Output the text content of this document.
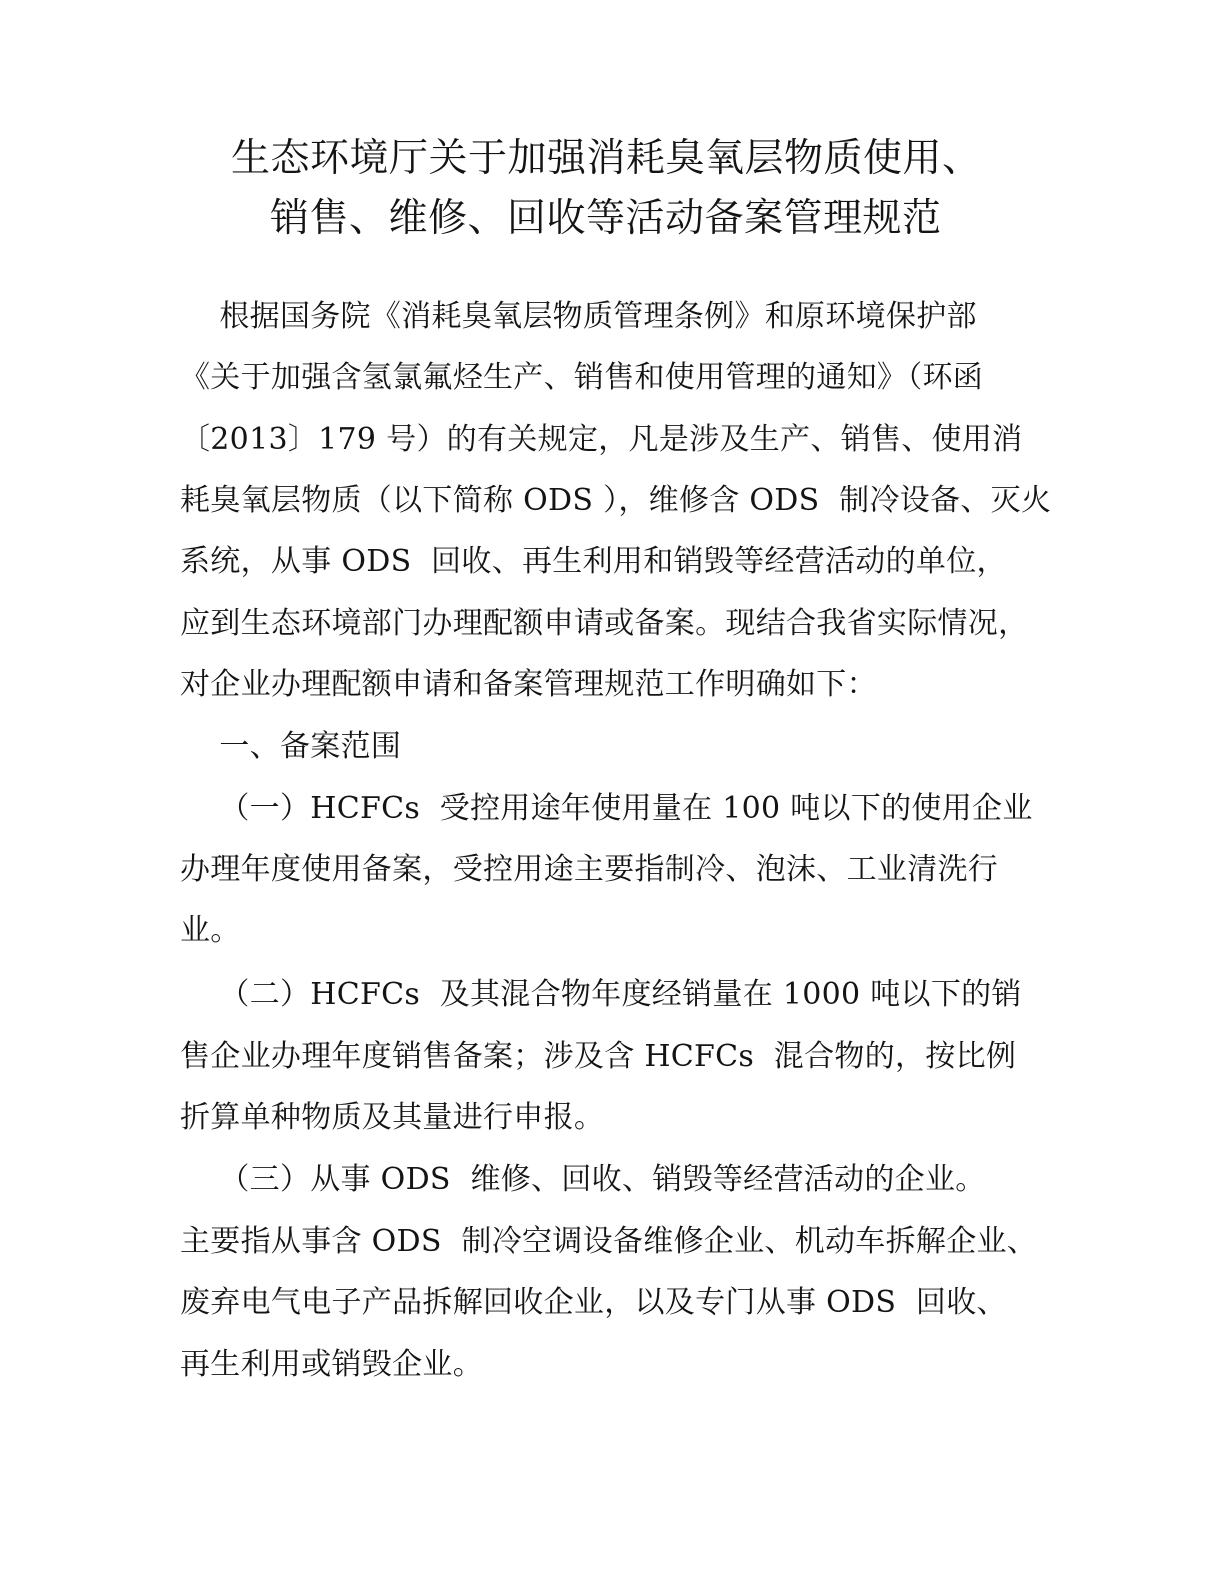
生态环境厅关于加强消耗臭氧层物质使用、
销售、维修、回收等活动备案管理规范
根据国务院《消耗臭氧层物质管理条例》和原环境保护部
《关于加强含氢氯氟烃生产、销售和使用管理的通知》（环函
〔2013〕179 号）的有关规定，凡是涉及生产、销售、使用消
耗臭氧层物质（以下简称 ODS ），维修含 ODS  制冷设备、灭火
系统，从事 ODS  回收、再生利用和销毁等经营活动的单位，
应到生态环境部门办理配额申请或备案。现结合我省实际情况，
对企业办理配额申请和备案管理规范工作明确如下：
一、备案范围
（一）HCFCs  受控用途年使用量在 100 吨以下的使用企业
办理年度使用备案，受控用途主要指制冷、泡沫、工业清洗行
业。
（二）HCFCs  及其混合物年度经销量在 1000 吨以下的销
售企业办理年度销售备案；涉及含 HCFCs  混合物的，按比例
折算单种物质及其量进行申报。
（三）从事 ODS  维修、回收、销毁等经营活动的企业。
主要指从事含 ODS  制冷空调设备维修企业、机动车拆解企业、
废弃电气电子产品拆解回收企业，以及专门从事 ODS  回收、
再生利用或销毁企业。
